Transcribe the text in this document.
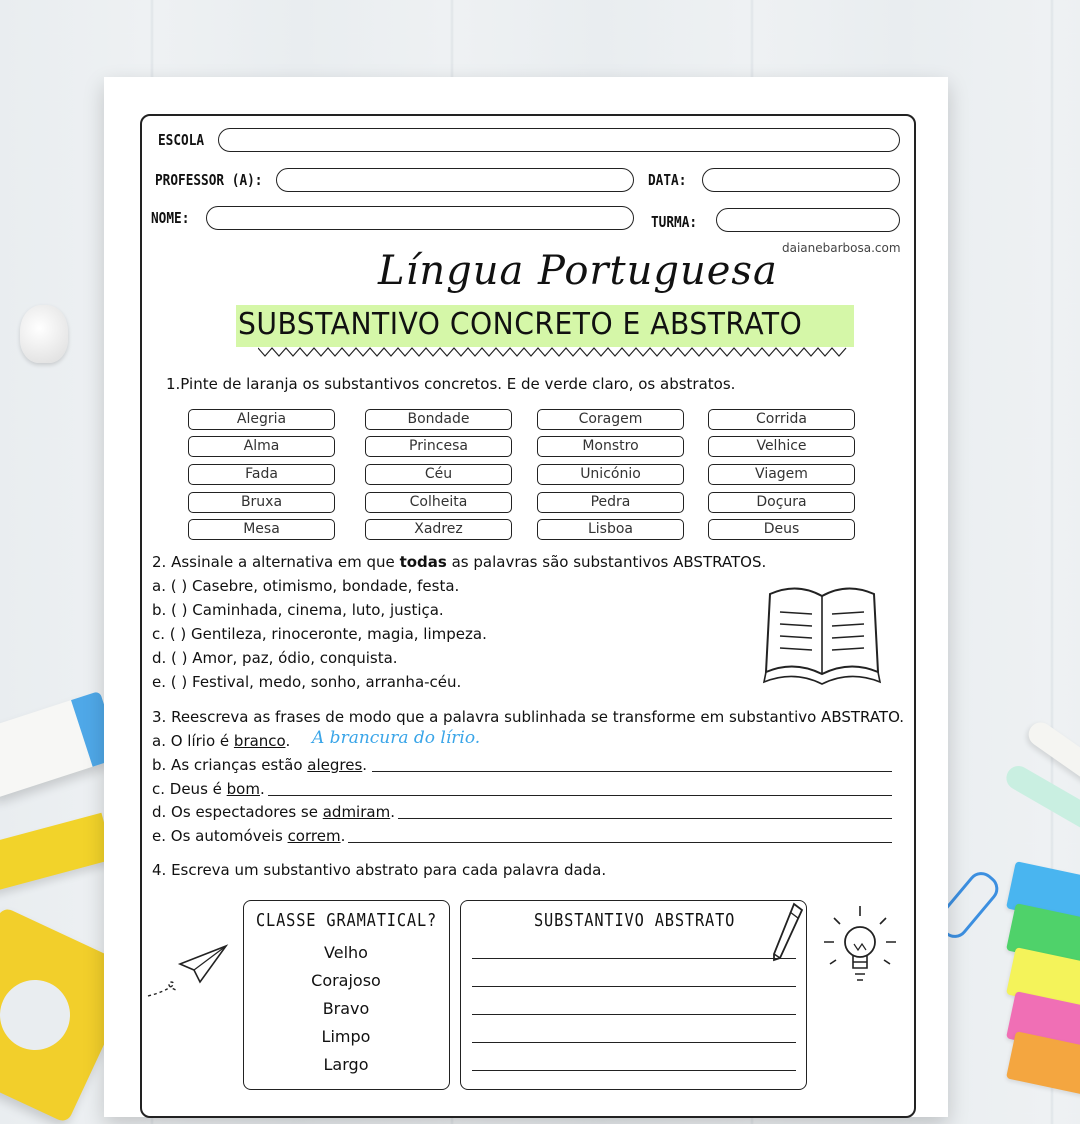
ESCOLA
PROFESSOR (A):	DATA:
NOME:	TURMA:
daianebarbosa.com
Língua Portuguesa
SUBSTANTIVO CONCRETO E ABSTRATO
1.Pinte de laranja os substantivos concretos. E de verde claro, os abstratos.
Alegria	Bondade	Coragem	Corrida
Alma	Princesa	Monstro	Velhice
Fada	Céu	Unicónio	Viagem
Bruxa	Colheita	Pedra	Doçura
Mesa	Xadrez	Lisboa	Deus
2. Assinale a alternativa em que todas as palavras são substantivos ABSTRATOS.
a. ( ) Casebre, otimismo, bondade, festa.
b. ( ) Caminhada, cinema, luto, justiça.
c. ( ) Gentileza, rinoceronte, magia, limpeza.
d. ( ) Amor, paz, ódio, conquista.
e. ( ) Festival, medo, sonho, arranha-céu.
3. Reescreva as frases de modo que a palavra sublinhada se transforme em substantivo ABSTRATO.
a. O lírio é branco. A brancura do lírio.
b. As crianças estão alegres.
c. Deus é bom.
d. Os espectadores se admiram.
e. Os automóveis correm.
4. Escreva um substantivo abstrato para cada palavra dada.
CLASSE GRAMATICAL?
Velho
Corajoso
Bravo
Limpo
Largo
SUBSTANTIVO ABSTRATO
